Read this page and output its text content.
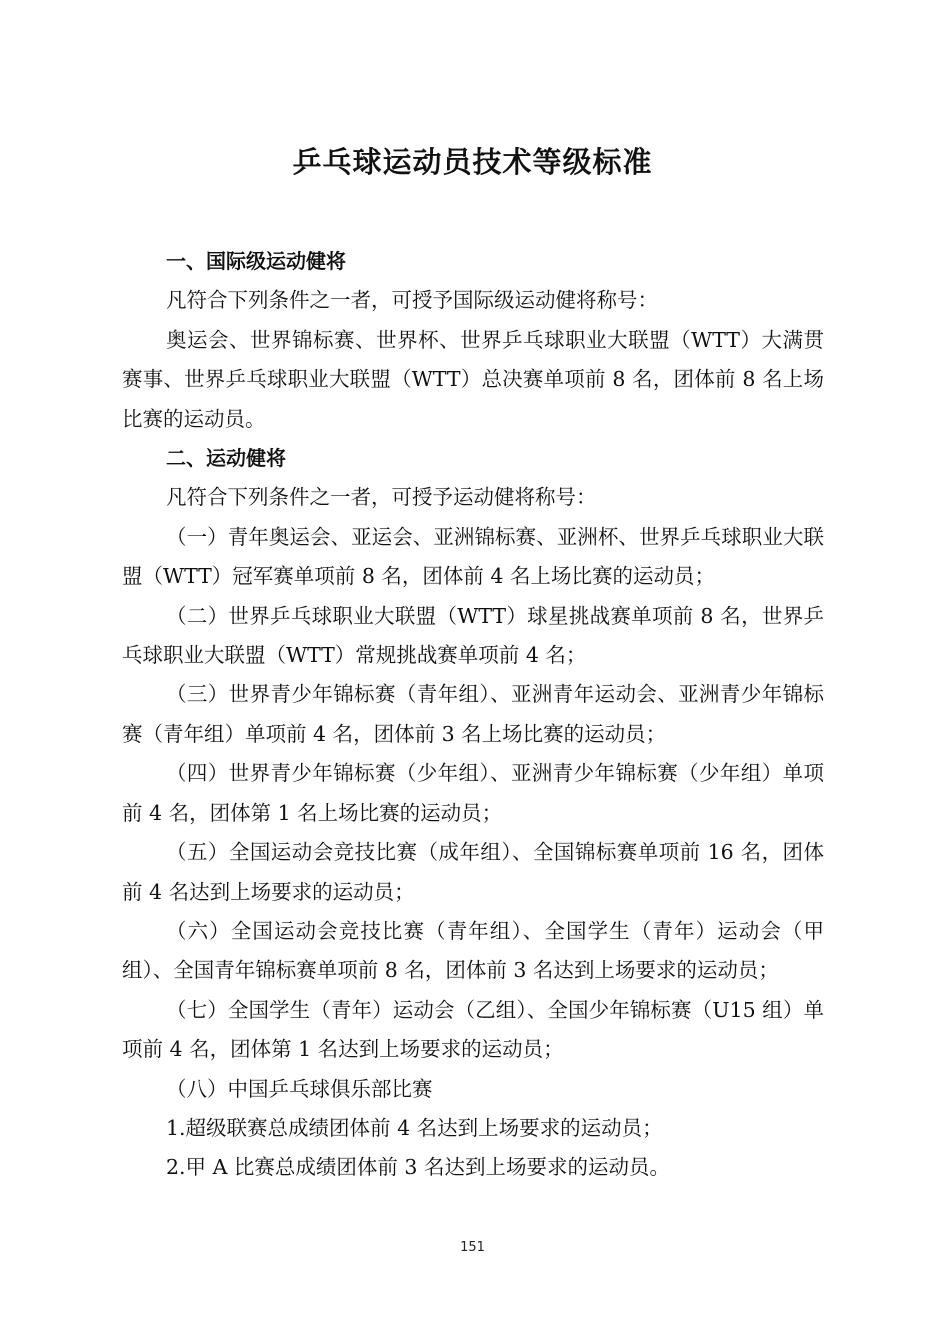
乒乓球运动员技术等级标准

一、国际级运动健将

凡符合下列条件之一者，可授予国际级运动健将称号：

奥运会、世界锦标赛、世界杯、世界乒乓球职业大联盟（WTT）大满贯赛事、世界乒乓球职业大联盟（WTT）总决赛单项前 8 名，团体前 8 名上场比赛的运动员。

二、运动健将

凡符合下列条件之一者，可授予运动健将称号：

（一）青年奥运会、亚运会、亚洲锦标赛、亚洲杯、世界乒乓球职业大联盟（WTT）冠军赛单项前 8 名，团体前 4 名上场比赛的运动员；

（二）世界乒乓球职业大联盟（WTT）球星挑战赛单项前 8 名，世界乒乓球职业大联盟（WTT）常规挑战赛单项前 4 名；

（三）世界青少年锦标赛（青年组）、亚洲青年运动会、亚洲青少年锦标赛（青年组）单项前 4 名，团体前 3 名上场比赛的运动员；

（四）世界青少年锦标赛（少年组）、亚洲青少年锦标赛（少年组）单项前 4 名，团体第 1 名上场比赛的运动员；

（五）全国运动会竞技比赛（成年组）、全国锦标赛单项前 16 名，团体前 4 名达到上场要求的运动员；

（六）全国运动会竞技比赛（青年组）、全国学生（青年）运动会（甲组）、全国青年锦标赛单项前 8 名，团体前 3 名达到上场要求的运动员；

（七）全国学生（青年）运动会（乙组）、全国少年锦标赛（U15 组）单项前 4 名，团体第 1 名达到上场要求的运动员；

（八）中国乒乓球俱乐部比赛

1.超级联赛总成绩团体前 4 名达到上场要求的运动员；

2.甲 A 比赛总成绩团体前 3 名达到上场要求的运动员。

151
